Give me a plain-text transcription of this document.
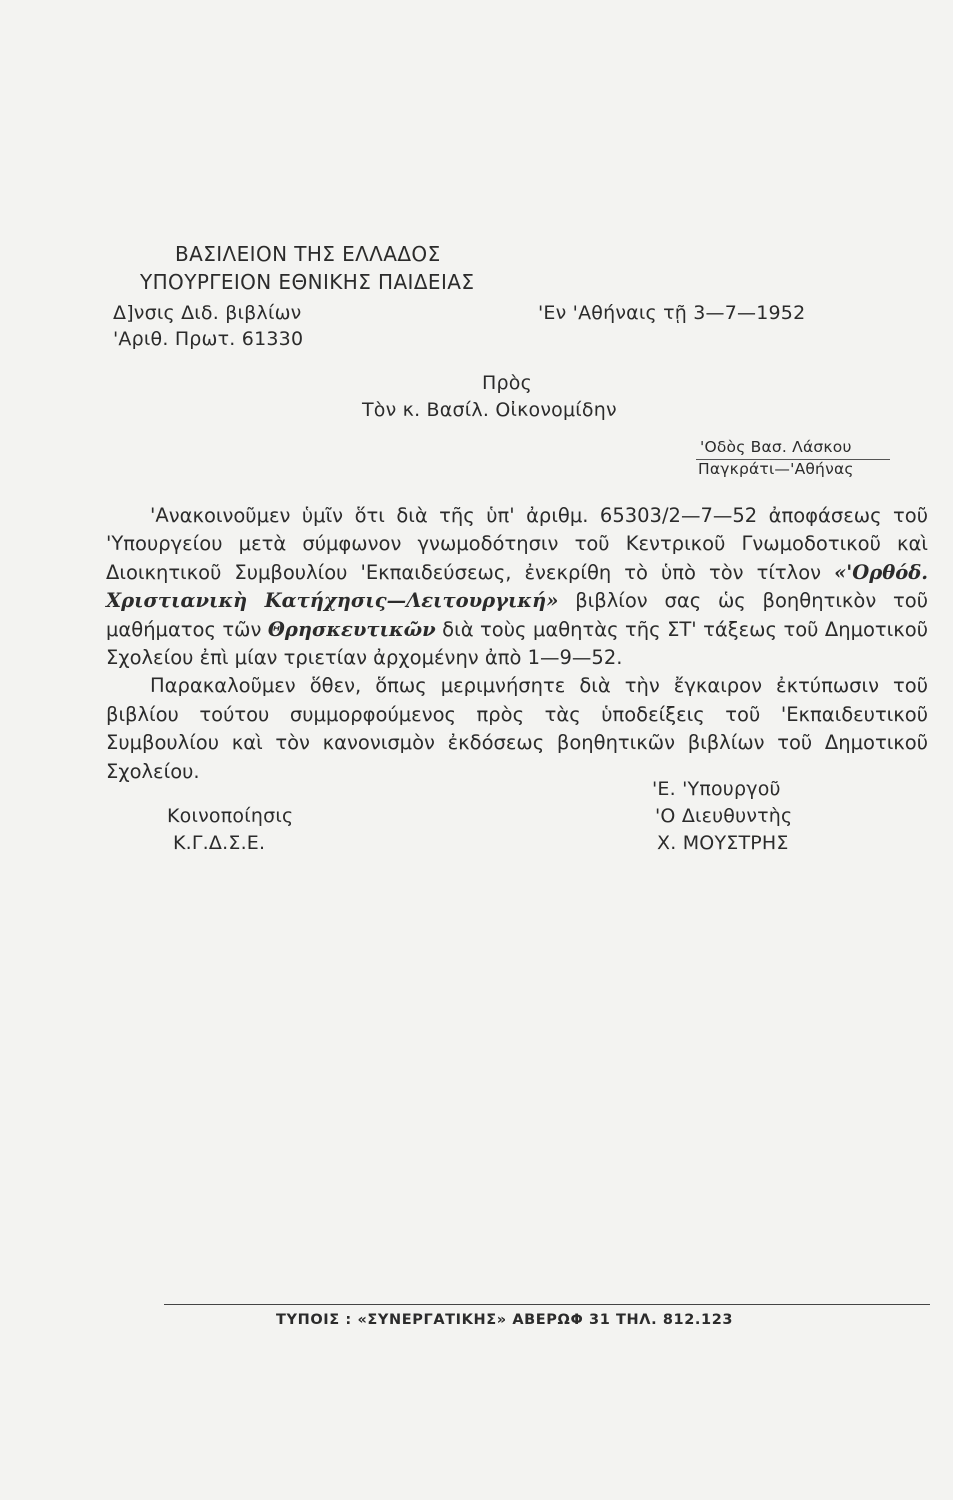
ΒΑΣΙΛΕΙΟΝ ΤΗΣ ΕΛΛΑΔΟΣ
ΥΠΟΥΡΓΕΙΟΝ ΕΘΝΙΚΗΣ ΠΑΙΔΕΙΑΣ
Δ]νσις Διδ. βιβλίων
'Αριθ. Πρωτ. 61330
'Εν 'Αθήναις τῇ 3—7—1952
Πρὸς
Τὸν κ. Βασίλ. Οἰκονομίδην
'Οδὸς Βασ. Λάσκου
Παγκράτι—'Αθήνας

'Ανακοινοῦμεν ὑμῖν ὅτι διὰ τῆς ὑπ' ἀριθμ. 65303/2—7—52 ἀποφάσεως τοῦ 'Υπουργείου μετὰ σύμφωνον γνωμοδότησιν τοῦ Κεντρικοῦ Γνωμοδοτικοῦ καὶ Διοικητικοῦ Συμβουλίου 'Εκπαιδεύσεως, ἐνεκρίθη τὸ ὑπὸ τὸν τίτλον «'Ορθόδ. Χριστιανικὴ Κατήχησις—Λειτουργική» βιβλίον σας ὡς βοηθητικὸν τοῦ μαθήματος τῶν Θρησκευτικῶν διὰ τοὺς μαθητὰς τῆς ΣΤ' τάξεως τοῦ Δημοτικοῦ Σχολείου ἐπὶ μίαν τριετίαν ἀρχομένην ἀπὸ 1—9—52.

Παρακαλοῦμεν ὅθεν, ὅπως μεριμνήσητε διὰ τὴν ἔγκαιρον ἐκτύπωσιν τοῦ βιβλίου τούτου συμμορφούμενος πρὸς τὰς ὑποδείξεις τοῦ 'Εκπαιδευτικοῦ Συμβουλίου καὶ τὸν κανονισμὸν ἐκδόσεως βοηθητικῶν βιβλίων τοῦ Δημοτικοῦ Σχολείου.

'Ε. 'Υπουργοῦ
'Ο Διευθυντὴς
Χ. ΜΟΥΣΤΡΗΣ
Κοινοποίησις
Κ.Γ.Δ.Σ.Ε.
ΤΥΠΟΙΣ : «ΣΥΝΕΡΓΑΤΙΚΗΣ» ΑΒΕΡΩΦ 31 ΤΗΛ. 812.123
